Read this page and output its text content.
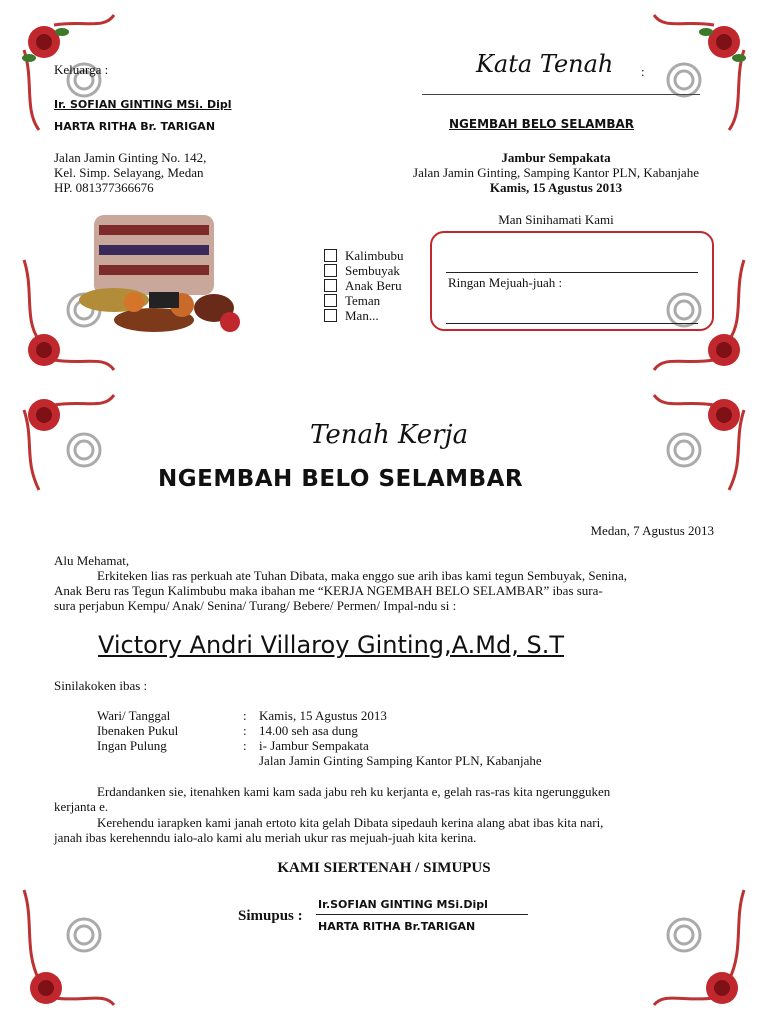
Keluarga :
Ir. SOFIAN GINTING MSi. Dipl
HARTA RITHA Br. TARIGAN
Jalan Jamin Ginting No. 142,
Kel. Simp. Selayang, Medan
HP. 081377366676
Kata Tenah :
NGEMBAH BELO SELAMBAR
Jambur Sempakata
Jalan Jamin Ginting, Samping Kantor PLN, Kabanjahe
Kamis, 15 Agustus 2013
Man Sinihamati Kami
Kalimbubu
Sembuyak
Anak Beru
Teman
Man...
Ringan Mejuah-juah :
Tenah Kerja
NGEMBAH BELO SELAMBAR
Medan, 7 Agustus 2013
Alu Mehamat,
Erkiteken lias ras perkuah ate Tuhan Dibata, maka enggo sue arih ibas kami tegun Sembuyak, Senina,
Anak Beru ras Tegun Kalimbubu maka ibahan me “KERJA NGEMBAH BELO SELAMBAR” ibas sura-
sura perjabun Kempu/ Anak/ Senina/ Turang/ Bebere/ Permen/ Impal-ndu si :
Victory Andri Villaroy Ginting,A.Md, S.T
Sinilakoken ibas :
Wari/ Tanggal	: Kamis, 15 Agustus 2013
Ibenaken Pukul	: 14.00 seh asa dung
Ingan Pulung	: i- Jambur Sempakata
Jalan Jamin Ginting Samping Kantor PLN, Kabanjahe
Erdandanken sie, itenahken kami kam sada jabu reh ku kerjanta e, gelah ras-ras kita ngerungguken
kerjanta e.
Kerehendu iarapken kami janah ertoto kita gelah Dibata sipedauh kerina alang abat ibas kita nari,
janah ibas kerehenndu ialo-alo kami alu meriah ukur ras mejuah-juah kita kerina.
KAMI SIERTENAH / SIMUPUS
Simupus :
Ir.SOFIAN GINTING MSi.Dipl
HARTA RITHA Br.TARIGAN
